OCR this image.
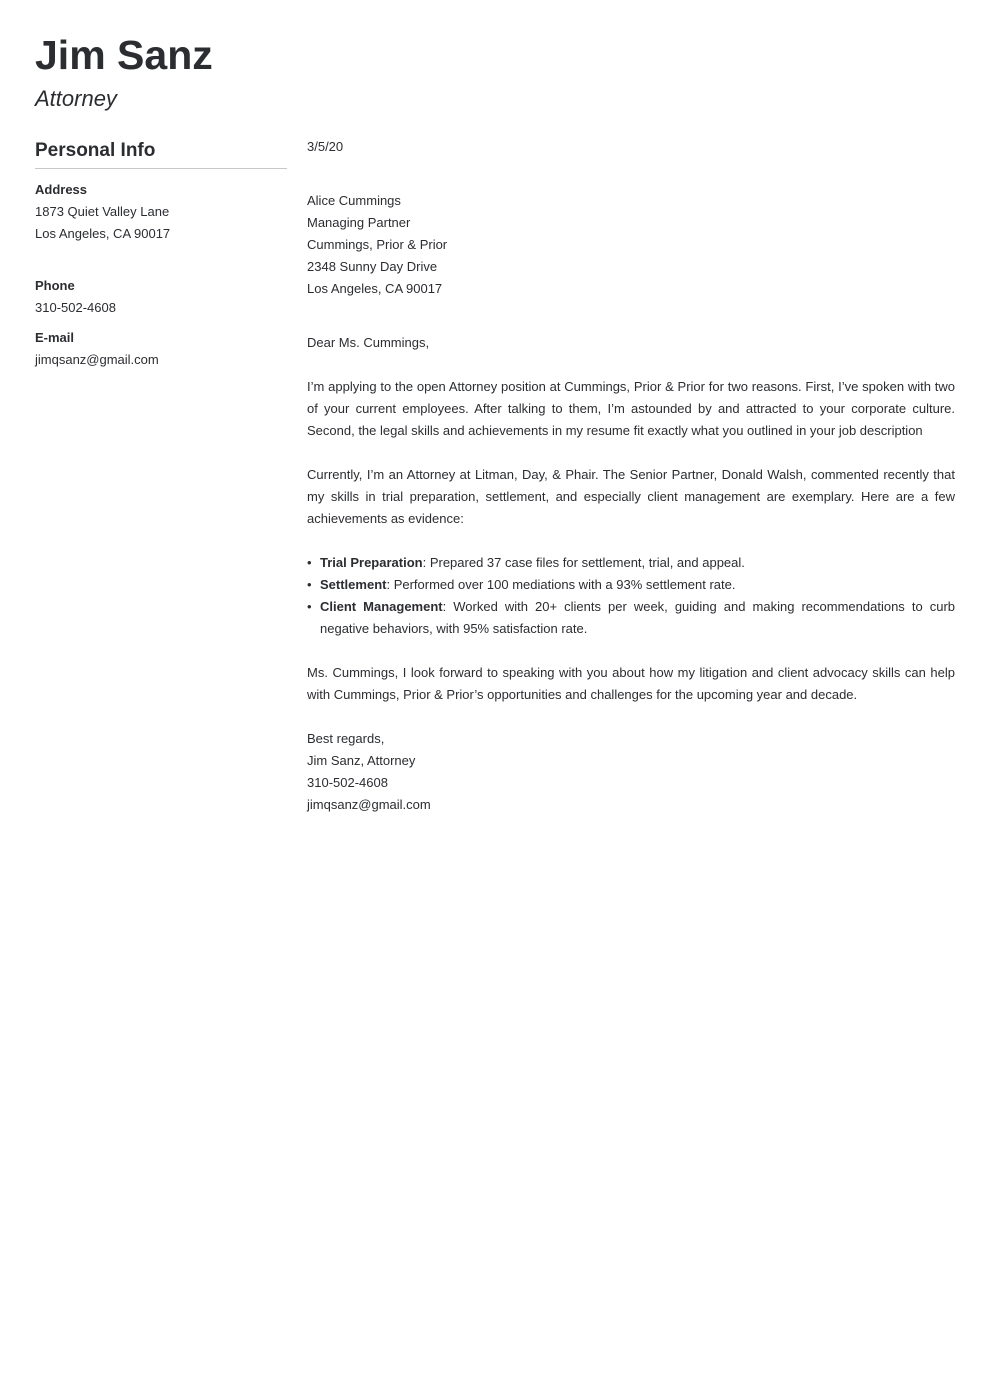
Jim Sanz
Attorney
Personal Info
Address
1873 Quiet Valley Lane
Los Angeles, CA 90017
Phone
310-502-4608
E-mail
jimqsanz@gmail.com
3/5/20
Alice Cummings
Managing Partner
Cummings, Prior & Prior
2348 Sunny Day Drive
Los Angeles, CA 90017
Dear Ms. Cummings,
I’m applying to the open Attorney position at Cummings, Prior & Prior for two reasons. First, I’ve spoken with two of your current employees. After talking to them, I’m astounded by and attracted to your corporate culture. Second, the legal skills and achievements in my resume fit exactly what you outlined in your job description
Currently, I’m an Attorney at Litman, Day, & Phair. The Senior Partner, Donald Walsh, commented recently that my skills in trial preparation, settlement, and especially client management are exemplary. Here are a few achievements as evidence:
• Trial Preparation: Prepared 37 case files for settlement, trial, and appeal.
• Settlement: Performed over 100 mediations with a 93% settlement rate.
• Client Management: Worked with 20+ clients per week, guiding and making recommendations to curb negative behaviors, with 95% satisfaction rate.
Ms. Cummings, I look forward to speaking with you about how my litigation and client advocacy skills can help with Cummings, Prior & Prior’s opportunities and challenges for the upcoming year and decade.
Best regards,
Jim Sanz, Attorney
310-502-4608
jimqsanz@gmail.com
